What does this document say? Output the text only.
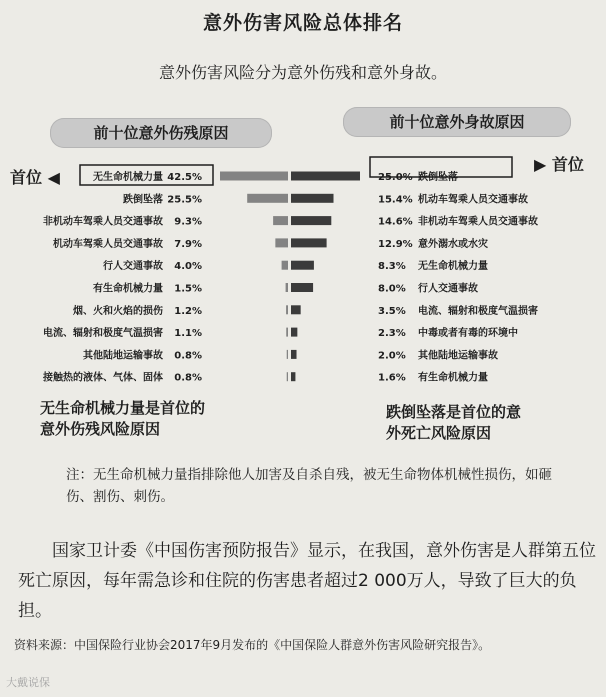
意外伤害风险总体排名
意外伤害风险分为意外伤残和意外身故。
前十位意外伤残原因
前十位意外身故原因
首位 ◀
▶ 首位
42.5%
无生命机械力量
25.5%
跌倒坠落
9.3%
非机动车驾乘人员交通事故
7.9%
机动车驾乘人员交通事故
4.0%
行人交通事故
1.5%
有生命机械力量
1.2%
烟、火和火焰的损伤
1.1%
电流、辐射和极度气温损害
0.8%
其他陆地运输事故
0.8%
接触热的液体、气体、固体
25.0% 跌倒坠落
15.4% 机动车驾乘人员交通事故
14.6% 非机动车驾乘人员交通事故
12.9% 意外溺水或水灾
8.3% 无生命机械力量
8.0% 行人交通事故
3.5% 电流、辐射和极度气温损害
2.3% 中毒或者有毒的环境中
2.0% 其他陆地运输事故
1.6% 有生命机械力量
无生命机械力量是首位的
意外伤残风险原因
跌倒坠落是首位的意
外死亡风险原因
注：无生命机械力量指排除他人加害及自杀自残，被无生命物体机械性损伤，如砸伤、割伤、刺伤。
国家卫计委《中国伤害预防报告》显示，在我国，意外伤害是人群第五位死亡原因，每年需急诊和住院的伤害患者超过2 000万人，导致了巨大的负担。
资料来源：中国保险行业协会2017年9月发布的《中国保险人群意外伤害风险研究报告》。
大戴说保
